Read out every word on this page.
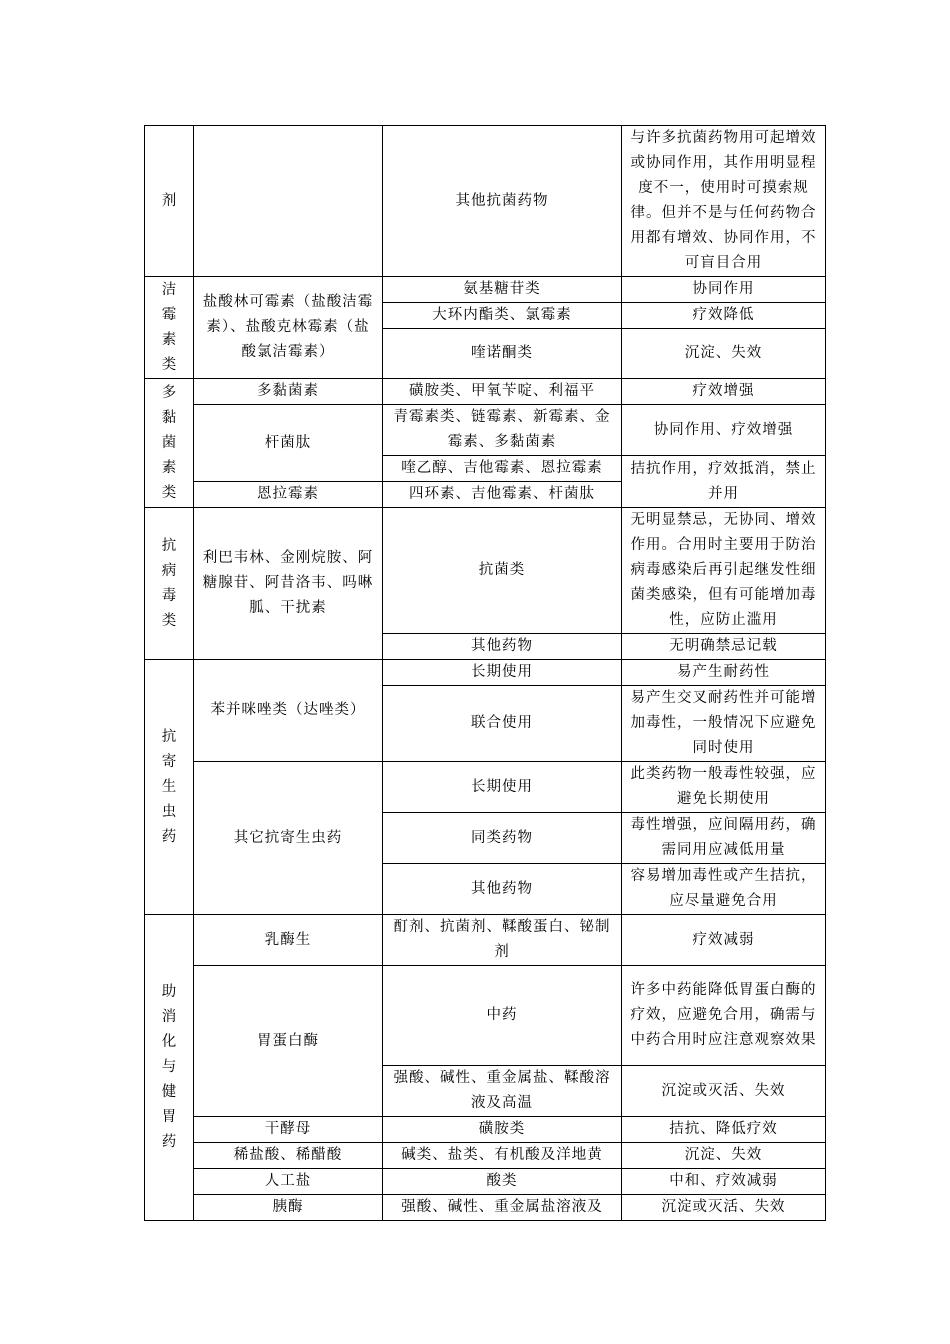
剂		其他抗菌药物	与许多抗菌药物用可起增效或协同作用，其作用明显程度不一，使用时可摸索规律。但并不是与任何药物合用都有增效、协同作用，不可盲目合用

洁霉素类	盐酸林可霉素（盐酸洁霉素）、盐酸克林霉素（盐酸氯洁霉素）	氨基糖苷类	协同作用
		大环内酯类、氯霉素	疗效降低
		喹诺酮类	沉淀、失效

多黏菌素类	多黏菌素	磺胺类、甲氧苄啶、利福平	疗效增强
	杆菌肽	青霉素类、链霉素、新霉素、金霉素、多黏菌素	协同作用、疗效增强
		喹乙醇、吉他霉素、恩拉霉素	拮抗作用，疗效抵消，禁止并用
	恩拉霉素	四环素、吉他霉素、杆菌肽	

抗病毒类	利巴韦林、金刚烷胺、阿糖腺苷、阿昔洛韦、吗啉胍、干扰素	抗菌类	无明显禁忌，无协同、增效作用。合用时主要用于防治病毒感染后再引起继发性细菌类感染，但有可能增加毒性，应防止滥用
		其他药物	无明确禁忌记载

抗寄生虫药	苯并咪唑类（达唑类）	长期使用	易产生耐药性
		联合使用	易产生交叉耐药性并可能增加毒性，一般情况下应避免同时使用
	其它抗寄生虫药	长期使用	此类药物一般毒性较强，应避免长期使用
		同类药物	毒性增强，应间隔用药，确需同用应减低用量
		其他药物	容易增加毒性或产生拮抗，应尽量避免合用

助消化与健胃药	乳酶生	酊剂、抗菌剂、鞣酸蛋白、铋制剂	疗效减弱
	胃蛋白酶	中药	许多中药能降低胃蛋白酶的疗效，应避免合用，确需与中药合用时应注意观察效果
		强酸、碱性、重金属盐、鞣酸溶液及高温	沉淀或灭活、失效
	干酵母	磺胺类	拮抗、降低疗效
	稀盐酸、稀醋酸	碱类、盐类、有机酸及洋地黄	沉淀、失效
	人工盐	酸类	中和、疗效减弱
	胰酶	强酸、碱性、重金属盐溶液及	沉淀或灭活、失效
